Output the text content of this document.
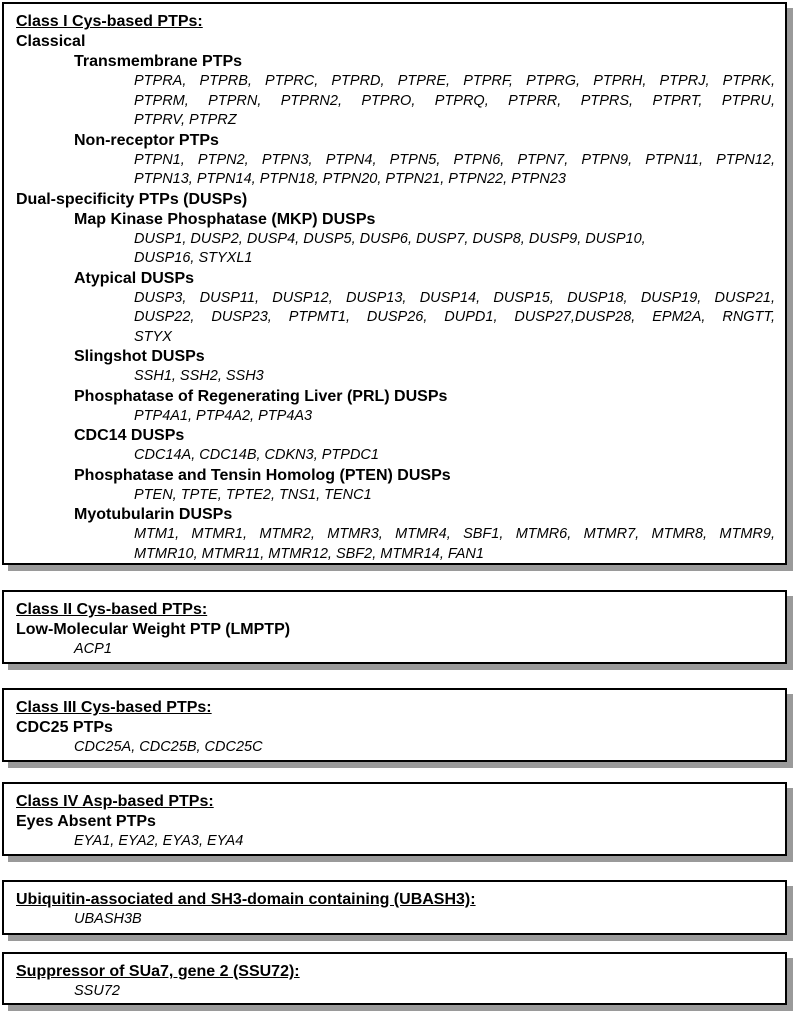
Class I Cys-based PTPs:
Classical
Transmembrane PTPs
PTPRA, PTPRB, PTPRC, PTPRD, PTPRE, PTPRF, PTPRG, PTPRH, PTPRJ, PTPRK,
PTPRM, PTPRN, PTPRN2, PTPRO, PTPRQ, PTPRR, PTPRS, PTPRT, PTPRU,
PTPRV, PTPRZ
Non-receptor PTPs
PTPN1, PTPN2, PTPN3, PTPN4, PTPN5, PTPN6, PTPN7, PTPN9, PTPN11, PTPN12,
PTPN13, PTPN14, PTPN18, PTPN20, PTPN21, PTPN22, PTPN23
Dual-specificity PTPs (DUSPs)
Map Kinase Phosphatase (MKP) DUSPs
DUSP1, DUSP2, DUSP4, DUSP5, DUSP6, DUSP7, DUSP8, DUSP9, DUSP10,
DUSP16, STYXL1
Atypical DUSPs
DUSP3, DUSP11, DUSP12, DUSP13, DUSP14, DUSP15, DUSP18, DUSP19, DUSP21,
DUSP22, DUSP23, PTPMT1, DUSP26, DUPD1, DUSP27,DUSP28, EPM2A, RNGTT,
STYX
Slingshot DUSPs
SSH1, SSH2, SSH3
Phosphatase of Regenerating Liver (PRL) DUSPs
PTP4A1, PTP4A2, PTP4A3
CDC14 DUSPs
CDC14A, CDC14B, CDKN3, PTPDC1
Phosphatase and Tensin Homolog (PTEN) DUSPs
PTEN, TPTE, TPTE2, TNS1, TENC1
Myotubularin DUSPs
MTM1, MTMR1, MTMR2, MTMR3, MTMR4, SBF1, MTMR6, MTMR7, MTMR8, MTMR9,
MTMR10, MTMR11, MTMR12, SBF2, MTMR14, FAN1
Class II Cys-based PTPs:
Low-Molecular Weight PTP (LMPTP)
ACP1
Class III Cys-based PTPs:
CDC25 PTPs
CDC25A, CDC25B, CDC25C
Class IV Asp-based PTPs:
Eyes Absent PTPs
EYA1, EYA2, EYA3, EYA4
Ubiquitin-associated and SH3-domain containing (UBASH3):
UBASH3B
Suppressor of SUa7, gene 2 (SSU72):
SSU72
